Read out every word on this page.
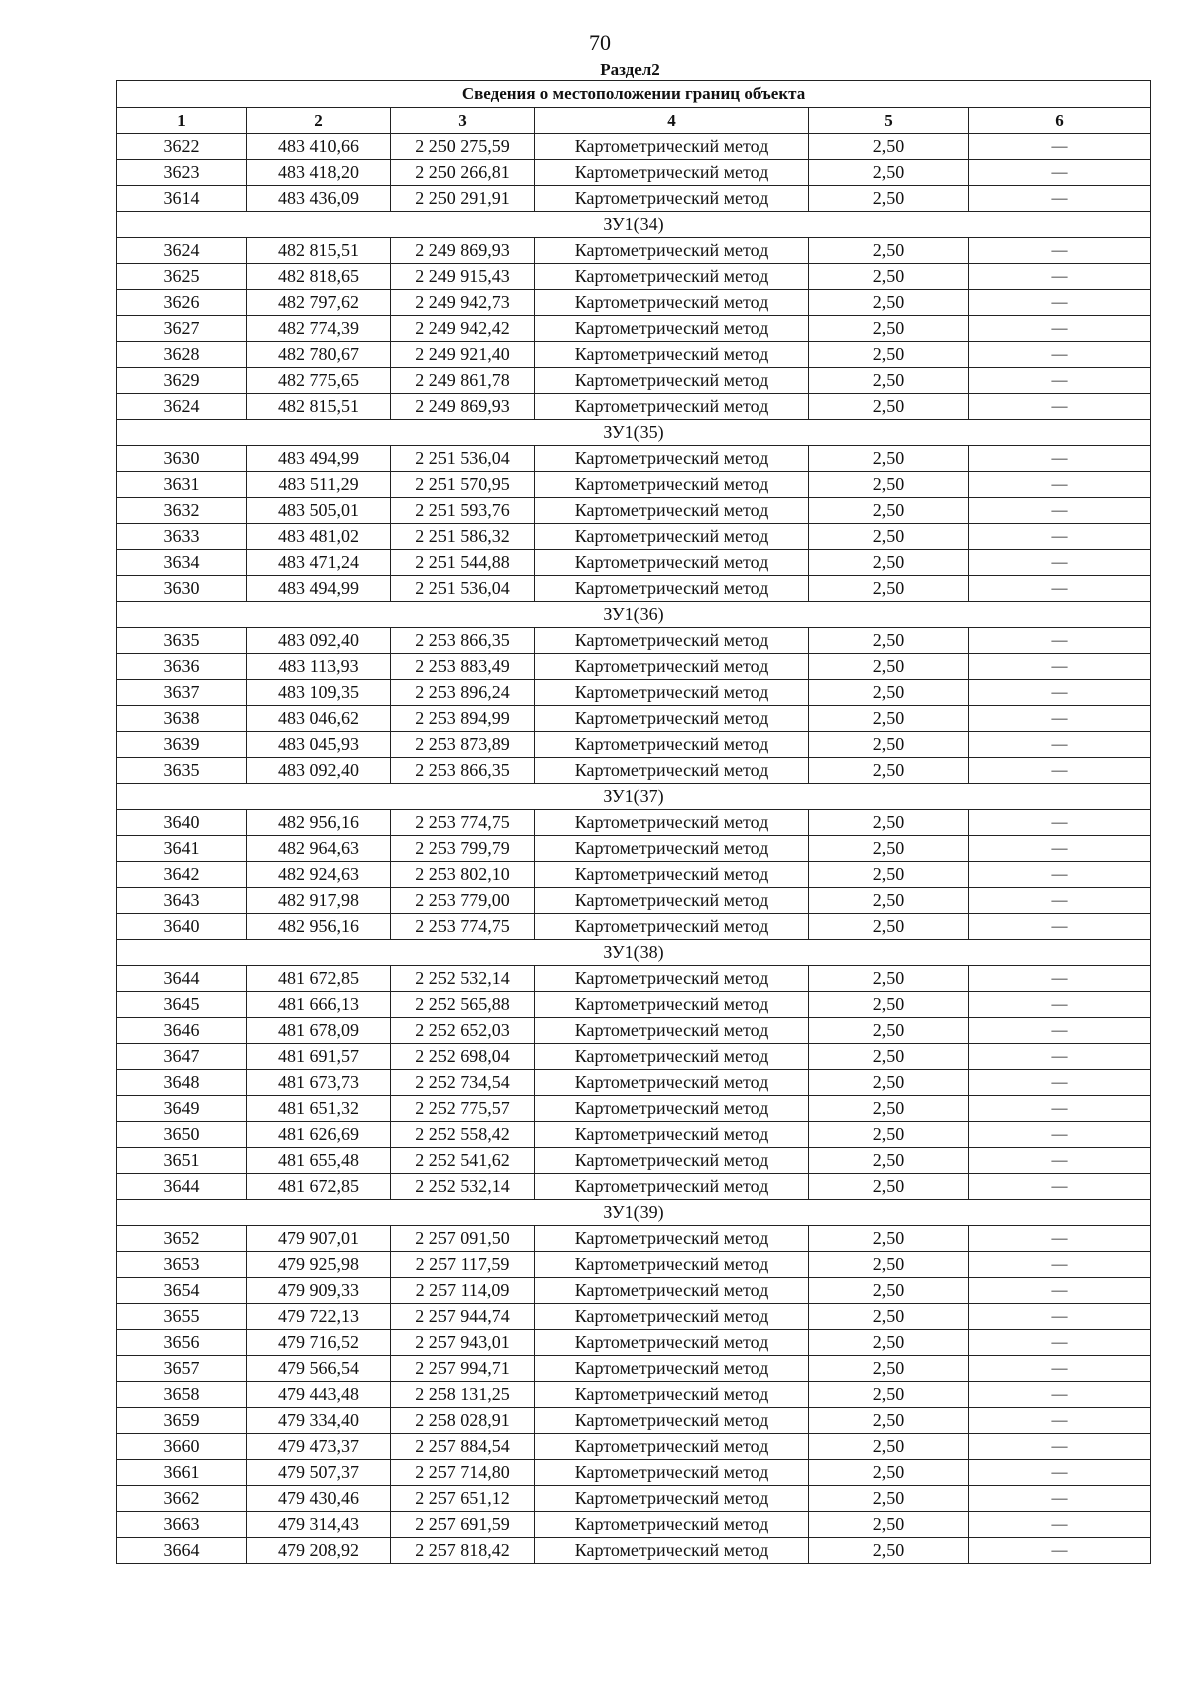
70
Раздел2
Сведения о местоположении границ объекта					
1	2	3	4	5	6
3622	483 410,66	2 250 275,59	Картометрический метод	2,50	—
3623	483 418,20	2 250 266,81	Картометрический метод	2,50	—
3614	483 436,09	2 250 291,91	Картометрический метод	2,50	—
ЗУ1(34)					
3624	482 815,51	2 249 869,93	Картометрический метод	2,50	—
3625	482 818,65	2 249 915,43	Картометрический метод	2,50	—
3626	482 797,62	2 249 942,73	Картометрический метод	2,50	—
3627	482 774,39	2 249 942,42	Картометрический метод	2,50	—
3628	482 780,67	2 249 921,40	Картометрический метод	2,50	—
3629	482 775,65	2 249 861,78	Картометрический метод	2,50	—
3624	482 815,51	2 249 869,93	Картометрический метод	2,50	—
ЗУ1(35)					
3630	483 494,99	2 251 536,04	Картометрический метод	2,50	—
3631	483 511,29	2 251 570,95	Картометрический метод	2,50	—
3632	483 505,01	2 251 593,76	Картометрический метод	2,50	—
3633	483 481,02	2 251 586,32	Картометрический метод	2,50	—
3634	483 471,24	2 251 544,88	Картометрический метод	2,50	—
3630	483 494,99	2 251 536,04	Картометрический метод	2,50	—
ЗУ1(36)					
3635	483 092,40	2 253 866,35	Картометрический метод	2,50	—
3636	483 113,93	2 253 883,49	Картометрический метод	2,50	—
3637	483 109,35	2 253 896,24	Картометрический метод	2,50	—
3638	483 046,62	2 253 894,99	Картометрический метод	2,50	—
3639	483 045,93	2 253 873,89	Картометрический метод	2,50	—
3635	483 092,40	2 253 866,35	Картометрический метод	2,50	—
ЗУ1(37)					
3640	482 956,16	2 253 774,75	Картометрический метод	2,50	—
3641	482 964,63	2 253 799,79	Картометрический метод	2,50	—
3642	482 924,63	2 253 802,10	Картометрический метод	2,50	—
3643	482 917,98	2 253 779,00	Картометрический метод	2,50	—
3640	482 956,16	2 253 774,75	Картометрический метод	2,50	—
ЗУ1(38)					
3644	481 672,85	2 252 532,14	Картометрический метод	2,50	—
3645	481 666,13	2 252 565,88	Картометрический метод	2,50	—
3646	481 678,09	2 252 652,03	Картометрический метод	2,50	—
3647	481 691,57	2 252 698,04	Картометрический метод	2,50	—
3648	481 673,73	2 252 734,54	Картометрический метод	2,50	—
3649	481 651,32	2 252 775,57	Картометрический метод	2,50	—
3650	481 626,69	2 252 558,42	Картометрический метод	2,50	—
3651	481 655,48	2 252 541,62	Картометрический метод	2,50	—
3644	481 672,85	2 252 532,14	Картометрический метод	2,50	—
ЗУ1(39)					
3652	479 907,01	2 257 091,50	Картометрический метод	2,50	—
3653	479 925,98	2 257 117,59	Картометрический метод	2,50	—
3654	479 909,33	2 257 114,09	Картометрический метод	2,50	—
3655	479 722,13	2 257 944,74	Картометрический метод	2,50	—
3656	479 716,52	2 257 943,01	Картометрический метод	2,50	—
3657	479 566,54	2 257 994,71	Картометрический метод	2,50	—
3658	479 443,48	2 258 131,25	Картометрический метод	2,50	—
3659	479 334,40	2 258 028,91	Картометрический метод	2,50	—
3660	479 473,37	2 257 884,54	Картометрический метод	2,50	—
3661	479 507,37	2 257 714,80	Картометрический метод	2,50	—
3662	479 430,46	2 257 651,12	Картометрический метод	2,50	—
3663	479 314,43	2 257 691,59	Картометрический метод	2,50	—
3664	479 208,92	2 257 818,42	Картометрический метод	2,50	—
